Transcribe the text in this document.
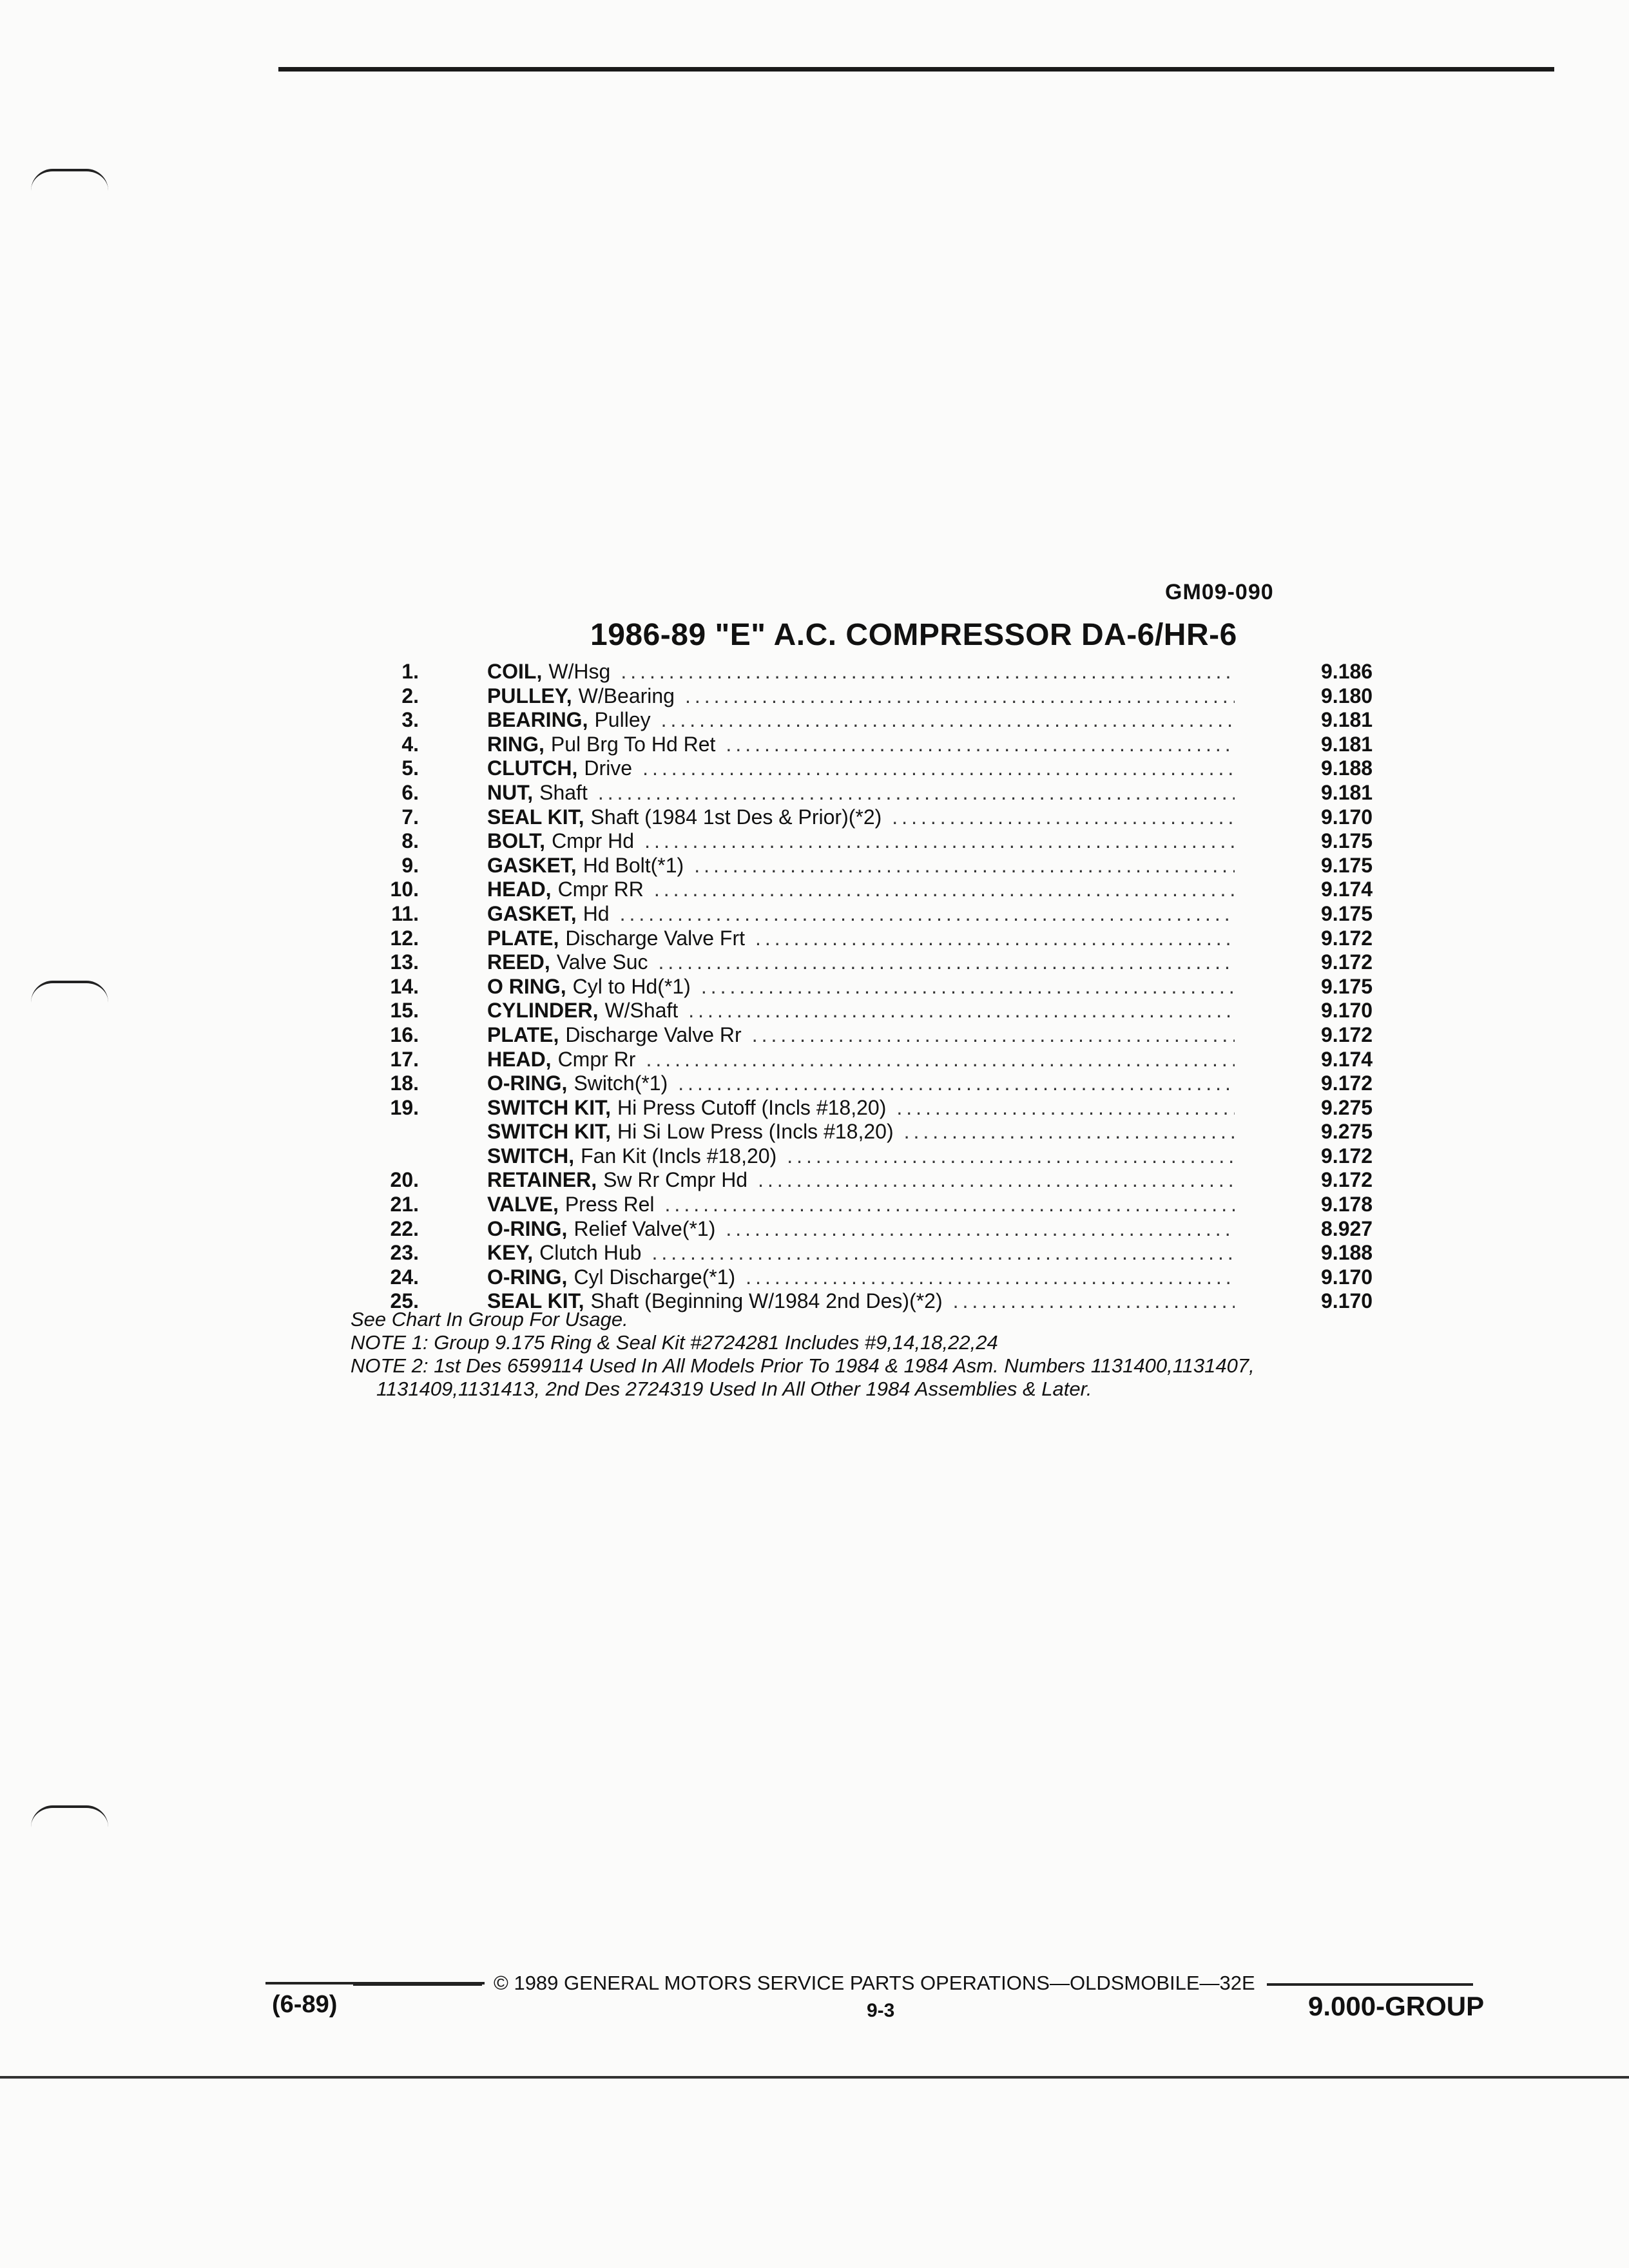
GM09-090
1986-89 "E" A.C. COMPRESSOR DA-6/HR-6
1.	COIL, W/Hsg .....	9.186
2.	PULLEY, W/Bearing .....	9.180
3.	BEARING, Pulley .....	9.181
4.	RING, Pul Brg To Hd Ret .....	9.181
5.	CLUTCH, Drive .....	9.188
6.	NUT, Shaft .....	9.181
7.	SEAL KIT, Shaft (1984 1st Des & Prior)(*2) .....	9.170
8.	BOLT, Cmpr Hd .....	9.175
9.	GASKET, Hd Bolt(*1) .....	9.175
10.	HEAD, Cmpr RR .....	9.174
11.	GASKET, Hd .....	9.175
12.	PLATE, Discharge Valve Frt .....	9.172
13.	REED, Valve Suc .....	9.172
14.	O RING, Cyl to Hd(*1) .....	9.175
15.	CYLINDER, W/Shaft .....	9.170
16.	PLATE, Discharge Valve Rr .....	9.172
17.	HEAD, Cmpr Rr .....	9.174
18.	O-RING, Switch(*1) .....	9.172
19.	SWITCH KIT, Hi Press Cutoff (Incls #18,20) .....	9.275
SWITCH KIT, Hi Si Low Press (Incls #18,20) .....	9.275
SWITCH, Fan Kit (Incls #18,20) .....	9.172
20.	RETAINER, Sw Rr Cmpr Hd .....	9.172
21.	VALVE, Press Rel .....	9.178
22.	O-RING, Relief Valve(*1) .....	8.927
23.	KEY, Clutch Hub .....	9.188
24.	O-RING, Cyl Discharge(*1) .....	9.170
25.	SEAL KIT, Shaft (Beginning W/1984 2nd Des)(*2) .....	9.170
See Chart In Group For Usage.
NOTE 1: Group 9.175 Ring & Seal Kit #2724281 Includes #9,14,18,22,24
NOTE 2: 1st Des 6599114 Used In All Models Prior To 1984 & 1984 Asm. Numbers 1131400,1131407,
1131409,1131413, 2nd Des 2724319 Used In All Other 1984 Assemblies & Later.
© 1989 GENERAL MOTORS SERVICE PARTS OPERATIONS—OLDSMOBILE—32E
(6-89)	9-3	9.000-GROUP
